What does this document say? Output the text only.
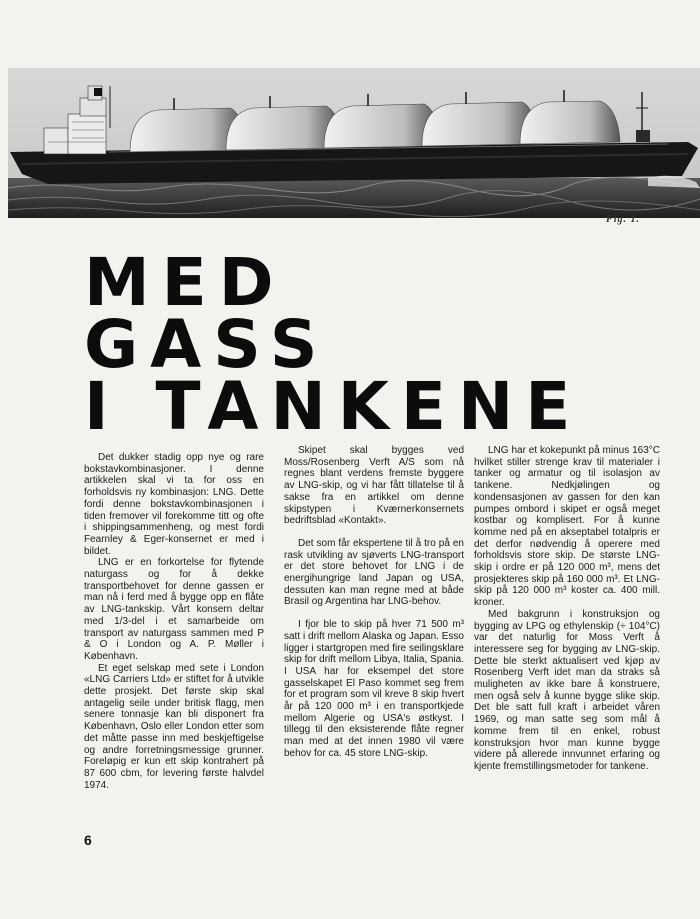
Fig. 1.
MED
GASS
I TANKENE

Det dukker stadig opp nye og rare bokstavkombinasjoner. I denne artikkelen skal vi ta for oss en forholdsvis ny kombinasjon: LNG. Dette fordi denne bokstavkombinasjonen i tiden fremover vil forekomme titt og ofte i shippingsammenheng, og mest fordi Fearnley & Eger-konsernet er med i bildet.

LNG er en forkortelse for flytende naturgass og for å dekke transportbehovet for denne gassen er man nå i ferd med å bygge opp en flåte av LNG-tankskip. Vårt konsern deltar med 1/3-del i et samarbeide om transport av naturgass sammen med P & O i London og A. P. Møller i København.

Et eget selskap med sete i London «LNG Carriers Ltd» er stiftet for å utvikle dette prosjekt. Det første skip skal antagelig seile under britisk flagg, men senere tonnasje kan bli disponert fra København, Oslo eller London etter som det måtte passe inn med beskjeftigelse og andre forretningsmessige grunner. Foreløpig er kun ett skip kontrahert på 87 600 cbm, for levering første halvdel 1974.

Skipet skal bygges ved Moss/Rosenberg Verft A/S som nå regnes blant verdens fremste byggere av LNG-skip, og vi har fått tillatelse til å sakse fra en artikkel om denne skipstypen i Kværnerkonsernets bedriftsblad «Kontakt».

Det som får ekspertene til å tro på en rask utvikling av sjøverts LNG-transport er det store behovet for LNG i de energihungrige land Japan og USA, dessuten kan man regne med at både Brasil og Argentina har LNG-behov.

I fjor ble to skip på hver 71 500 m³ satt i drift mellom Alaska og Japan. Esso ligger i startgropen med fire seilingsklare skip for drift mellom Libya, Italia, Spania. I USA har for eksempel det store gasselskapet El Paso kommet seg frem for et program som vil kreve 8 skip hvert år på 120 000 m³ i en transportkjede mellom Algerie og USA's østkyst. I tillegg til den eksisterende flåte regner man med at det innen 1980 vil være behov for ca. 45 store LNG-skip.

LNG har et kokepunkt på minus 163°C hvilket stiller strenge krav til materialer i tanker og armatur og til isolasjon av tankene. Nedkjølingen og kondensasjonen av gassen for den kan pumpes ombord i skipet er også meget kostbar og komplisert. For å kunne komme ned på en akseptabel totalpris er det derfor nødvendig å operere med forholdsvis store skip. De største LNG-skip i ordre er på 120 000 m³, mens det prosjekteres skip på 160 000 m³. Et LNG-skip på 120 000 m³ koster ca. 400 mill. kroner.

Med bakgrunn i konstruksjon og bygging av LPG og ethylenskip (÷ 104°C) var det naturlig for Moss Verft å interessere seg for bygging av LNG-skip. Dette ble sterkt aktualisert ved kjøp av Rosenberg Verft idet man da straks så muligheten av ikke bare å konstruere, men også selv å kunne bygge slike skip. Det ble satt full kraft i arbeidet våren 1969, og man satte seg som mål å komme frem til en enkel, robust konstruksjon hvor man kunne bygge videre på allerede innvunnet erfaring og kjente fremstillingsmetoder for tankene.

6
